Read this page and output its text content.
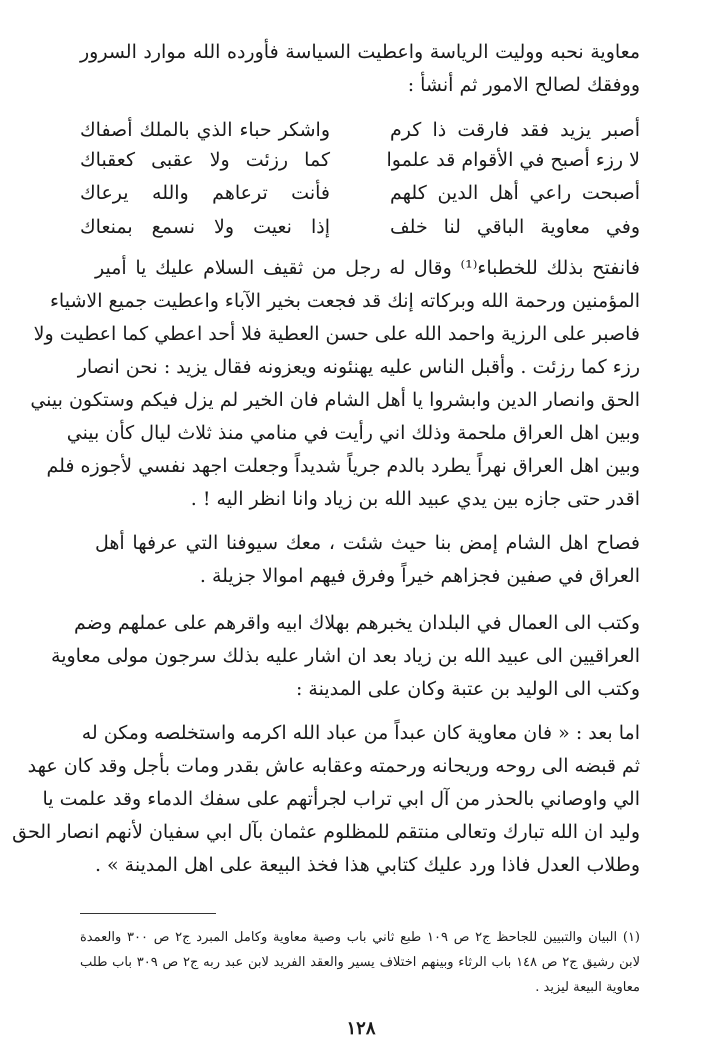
معاوية نحبه ووليت الرياسة واعطيت السياسة فأورده الله موارد السرور
ووفقك لصالح الامور ثم أنشأ :
أصبر يزيد فقد فارقت ذا كرم
واشكر حباء الذي بالملك أصفاك
لا رزء أصبح في الأقوام قد علموا
كما رزئت ولا عقبى كعقباك
أصبحت راعي أهل الدين كلهم
فأنت ترعاهم والله يرعاك
وفي معاوية الباقي لنا خلف
إذا نعيت ولا نسمع بمنعاك
فانفتح بذلك للخطباء⁽¹⁾ وقال له رجل من ثقيف السلام عليك يا أمير
المؤمنين ورحمة الله وبركاته إنك قد فجعت بخير الآباء واعطيت جميع الاشياء
فاصبر على الرزية واحمد الله على حسن العطية فلا أحد اعطي كما اعطيت ولا
رزء كما رزئت . وأقبل الناس عليه يهنئونه ويعزونه فقال يزيد : نحن انصار
الحق وانصار الدين وابشروا يا أهل الشام فان الخير لم يزل فيكم وستكون بيني
وبين اهل العراق ملحمة وذلك اني رأيت في منامي منذ ثلاث ليال كأن بيني
وبين اهل العراق نهراً يطرد بالدم جرياً شديداً وجعلت اجهد نفسي لأجوزه فلم
اقدر حتى جازه بين يدي عبيد الله بن زياد وانا انظر اليه ! .
فصاح اهل الشام إمض بنا حيث شئت ، معك سيوفنا التي عرفها أهل
العراق في صفين فجزاهم خيراً وفرق فيهم اموالا جزيلة .
وكتب الى العمال في البلدان يخبرهم بهلاك ابيه واقرهم على عملهم وضم
العراقيين الى عبيد الله بن زياد بعد ان اشار عليه بذلك سرجون مولى معاوية
وكتب الى الوليد بن عتبة وكان على المدينة :
اما بعد : « فان معاوية كان عبداً من عباد الله اكرمه واستخلصه ومكن له
ثم قبضه الى روحه وريحانه ورحمته وعقابه عاش بقدر ومات بأجل وقد كان عهد
الي واوصاني بالحذر من آل ابي تراب لجرأتهم على سفك الدماء وقد علمت يا
وليد ان الله تبارك وتعالى منتقم للمظلوم عثمان بآل ابي سفيان لأنهم انصار الحق
وطلاب العدل فاذا ورد عليك كتابي هذا فخذ البيعة على اهل المدينة » .
(١) البيان والتبيين للجاحظ ج٢ ص ١٠٩ طبع ثاني باب وصية معاوية وكامل المبرد ج٢ ص ٣٠٠ والعمدة
لابن رشيق ج٢ ص ١٤٨ باب الرثاء وبينهم اختلاف يسير والعقد الفريد لابن عبد ربه ج٢ ص ٣٠٩ باب طلب
معاوية البيعة ليزيد .
١٢٨
